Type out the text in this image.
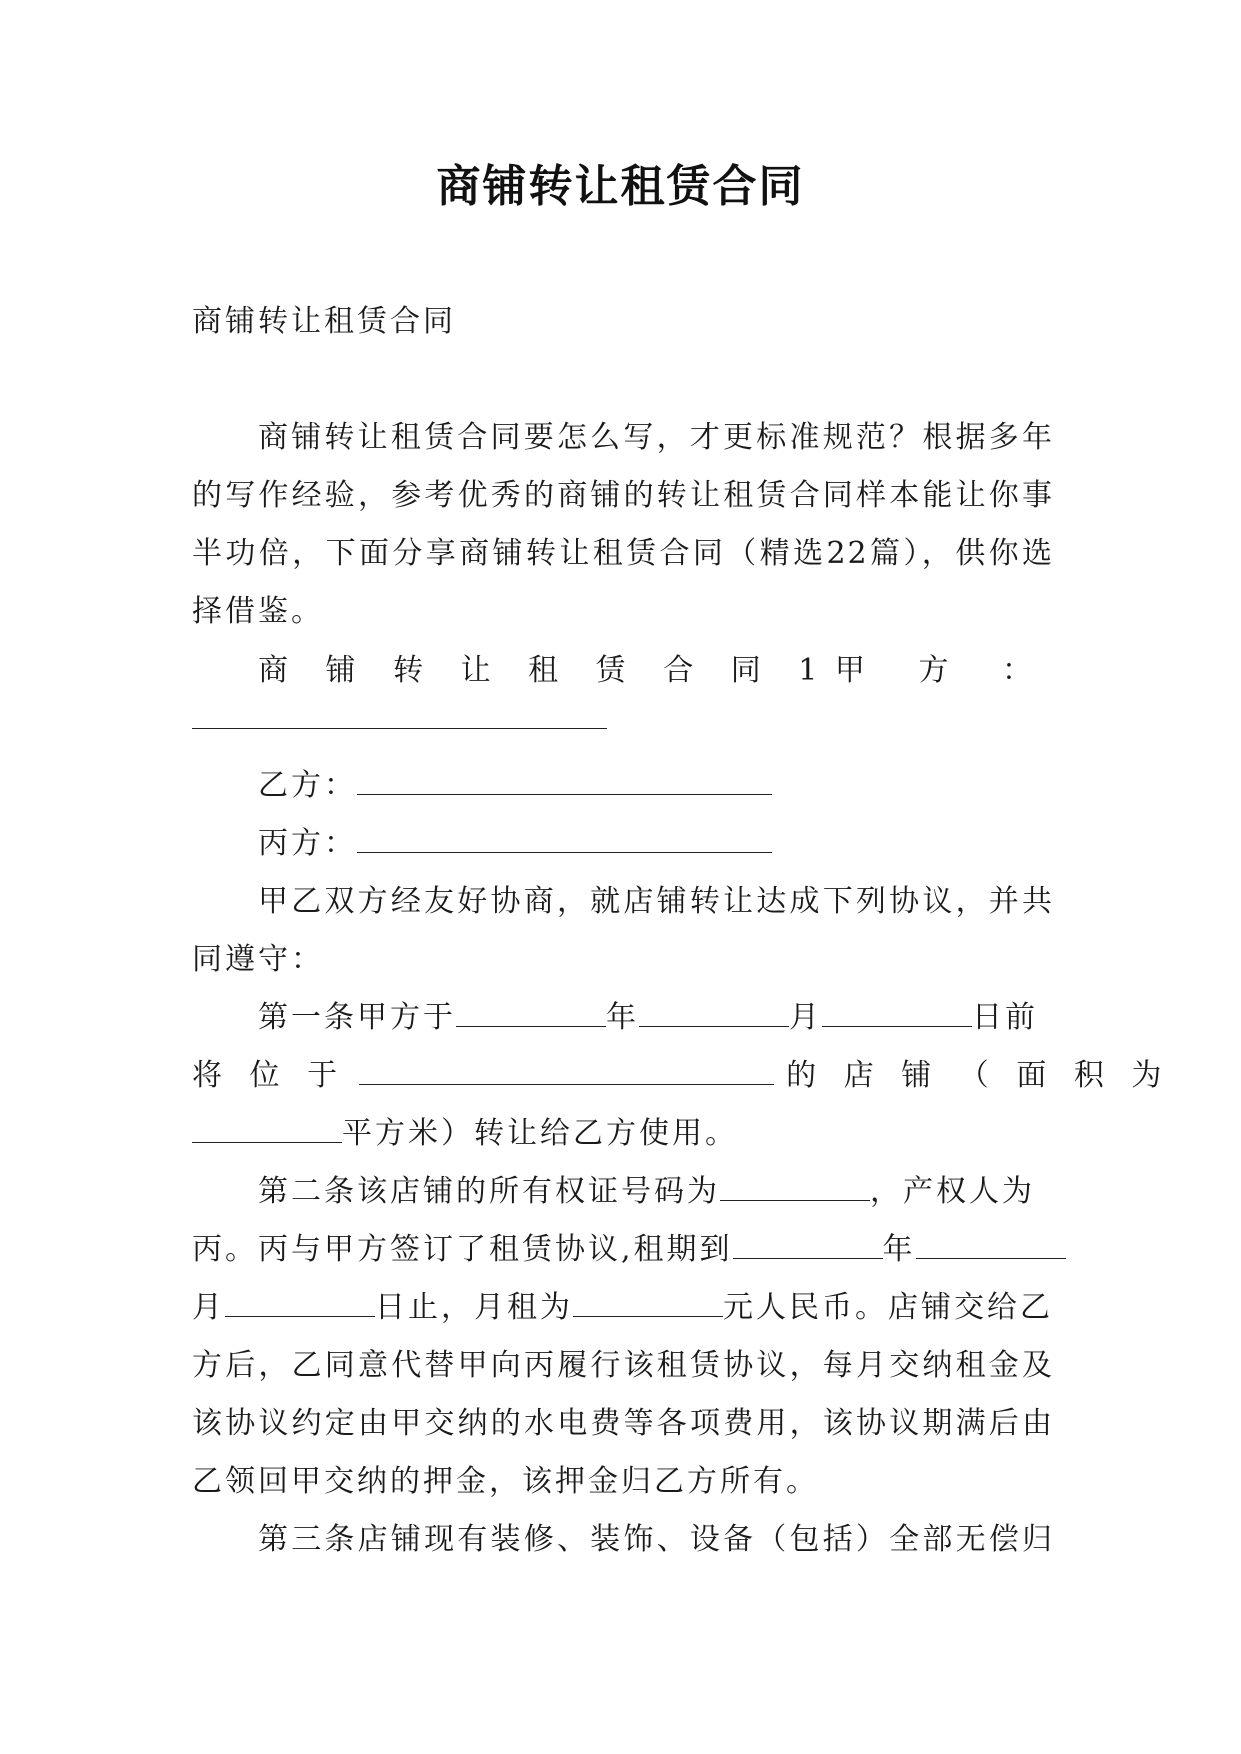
商铺转让租赁合同
商铺转让租赁合同
商铺转让租赁合同要怎么写，才更标准规范？根据多年
的写作经验，参考优秀的商铺的转让租赁合同样本能让你事
半功倍，下面分享商铺转让租赁合同（精选22篇），供你选
择借鉴。
商 铺 转 让 租 赁 合 同 1 甲 方 ：
乙方：
丙方：
甲乙双方经友好协商，就店铺转让达成下列协议，并共
同遵守：
第一条甲方于	年	月	日前
将 位 于	的 店 铺 （ 面 积 为
平方米）转让给乙方使用。
第二条该店铺的所有权证号码为	，产权人为
丙。丙与甲方签订了租赁协议,租期到	年
月	日止，月租为	元人民币。店铺交给乙
方后，乙同意代替甲向丙履行该租赁协议，每月交纳租金及
该协议约定由甲交纳的水电费等各项费用，该协议期满后由
乙领回甲交纳的押金，该押金归乙方所有。
第三条店铺现有装修、装饰、设备（包括）全部无偿归
